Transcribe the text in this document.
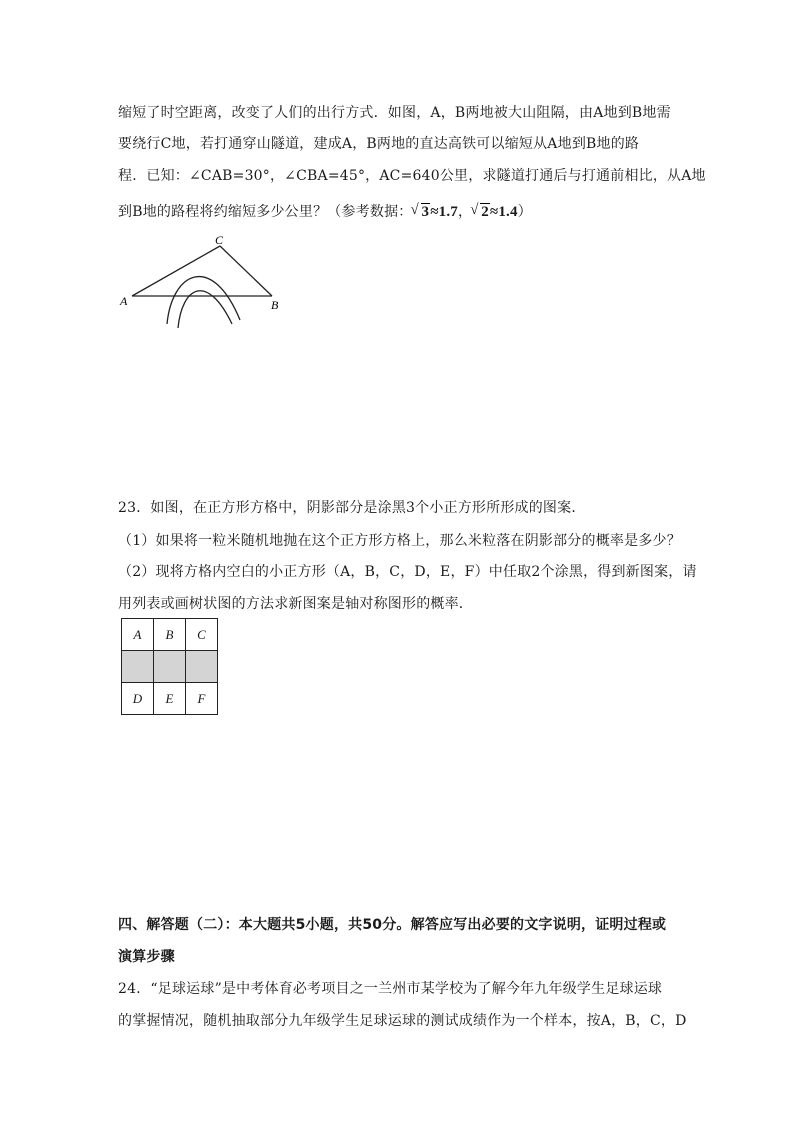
缩短了时空距离，改变了人们的出行方式．如图，A，B两地被大山阻隔，由A地到B地需
要绕行C地，若打通穿山隧道，建成A，B两地的直达高铁可以缩短从A地到B地的路
程．已知：∠CAB=30°，∠CBA=45°，AC=640公里，求隧道打通后与打通前相比，从A地
到B地的路程将约缩短多少公里？（参考数据： √ 3≈1.7， √ 2≈1.4）
C
A	B
23．如图，在正方形方格中，阴影部分是涂黑3个小正方形所形成的图案．
（1）如果将一粒米随机地抛在这个正方形方格上，那么米粒落在阴影部分的概率是多少？
（2）现将方格内空白的小正方形（A，B，C，D，E，F）中任取2个涂黑，得到新图案，请
用列表或画树状图的方法求新图案是轴对称图形的概率．
A	B	C

D	E	F
四、解答题（二）：本大题共5小题，共50分。解答应写出必要的文字说明，证明过程或
演算步骤
24．“足球运球”是中考体育必考项目之一兰州市某学校为了解今年九年级学生足球运球
的掌握情况，随机抽取部分九年级学生足球运球的测试成绩作为一个样本，按A，B，C，D
